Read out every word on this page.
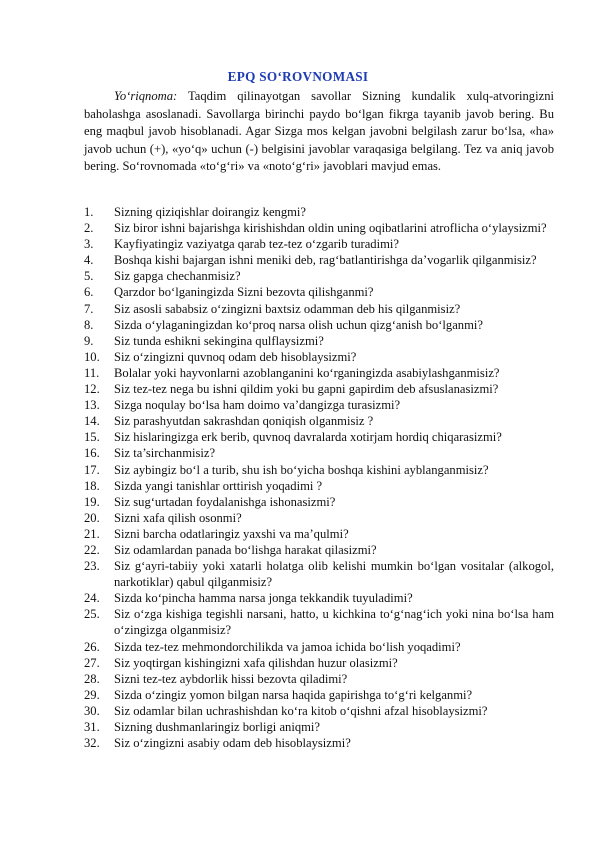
EPQ SO‘ROVNOMASI

Yo‘riqnoma: Taqdim qilinayotgan savollar Sizning kundalik xulq-atvoringizni baholashga asoslanadi. Savollarga birinchi paydo bo‘lgan fikrga tayanib javob bering. Bu eng maqbul javob hisoblanadi. Agar Sizga mos kelgan javobni belgilash zarur bo‘lsa, «ha» javob uchun (+), «yo‘q» uchun (-) belgisini javoblar varaqasiga belgilang. Tez va aniq javob bering. So‘rovnomada «to‘g‘ri» va «noto‘g‘ri» javoblari mavjud emas.

1. Sizning qiziqishlar doirangiz kengmi?
2. Siz biror ishni bajarishga kirishishdan oldin uning oqibatlarini atroflicha o‘ylaysizmi?
3. Kayfiyatingiz vaziyatga qarab tez-tez o‘zgarib turadimi?
4. Boshqa kishi bajargan ishni meniki deb, rag‘batlantirishga da’vogarlik qilganmisiz?
5. Siz gapga chechanmisiz?
6. Qarzdor bo‘lganingizda Sizni bezovta qilishganmi?
7. Siz asosli sababsiz o‘zingizni baxtsiz odamman deb his qilganmisiz?
8. Sizda o‘ylaganingizdan ko‘proq narsa olish uchun qizg‘anish bo‘lganmi?
9. Siz tunda eshikni sekingina qulflaysizmi?
10. Siz o‘zingizni quvnoq odam deb hisoblaysizmi?
11. Bolalar yoki hayvonlarni azoblanganini ko‘rganingizda asabiylashganmisiz?
12. Siz tez-tez nega bu ishni qildim yoki bu gapni gapirdim deb afsuslanasizmi?
13. Sizga noqulay bo‘lsa ham doimo va’dangizga turasizmi?
14. Siz parashyutdan sakrashdan qoniqish olganmisiz ?
15. Siz hislaringizga erk berib, quvnoq davralarda xotirjam hordiq chiqarasizmi?
16. Siz ta’sirchanmisiz?
17. Siz aybingiz bo‘l a turib, shu ish bo‘yicha boshqa kishini ayblanganmisiz?
18. Sizda yangi tanishlar orttirish yoqadimi ?
19. Siz sug‘urtadan foydalanishga ishonasizmi?
20. Sizni xafa qilish osonmi?
21. Sizni barcha odatlaringiz yaxshi va ma’qulmi?
22. Siz odamlardan panada bo‘lishga harakat qilasizmi?
23. Siz g‘ayri-tabiiy yoki xatarli holatga olib kelishi mumkin bo‘lgan vositalar (alkogol, narkotiklar) qabul qilganmisiz?
24. Sizda ko‘pincha hamma narsa jonga tekkandik tuyuladimi?
25. Siz o‘zga kishiga tegishli narsani, hatto, u kichkina to‘g‘nag‘ich yoki nina bo‘lsa ham o‘zingizga olganmisiz?
26. Sizda tez-tez mehmondorchilikda va jamoa ichida bo‘lish yoqadimi?
27. Siz yoqtirgan kishingizni xafa qilishdan huzur olasizmi?
28. Sizni tez-tez aybdorlik hissi bezovta qiladimi?
29. Sizda o‘zingiz yomon bilgan narsa haqida gapirishga to‘g‘ri kelganmi?
30. Siz odamlar bilan uchrashishdan ko‘ra kitob o‘qishni afzal hisoblaysizmi?
31. Sizning dushmanlaringiz borligi aniqmi?
32. Siz o‘zingizni asabiy odam deb hisoblaysizmi?
